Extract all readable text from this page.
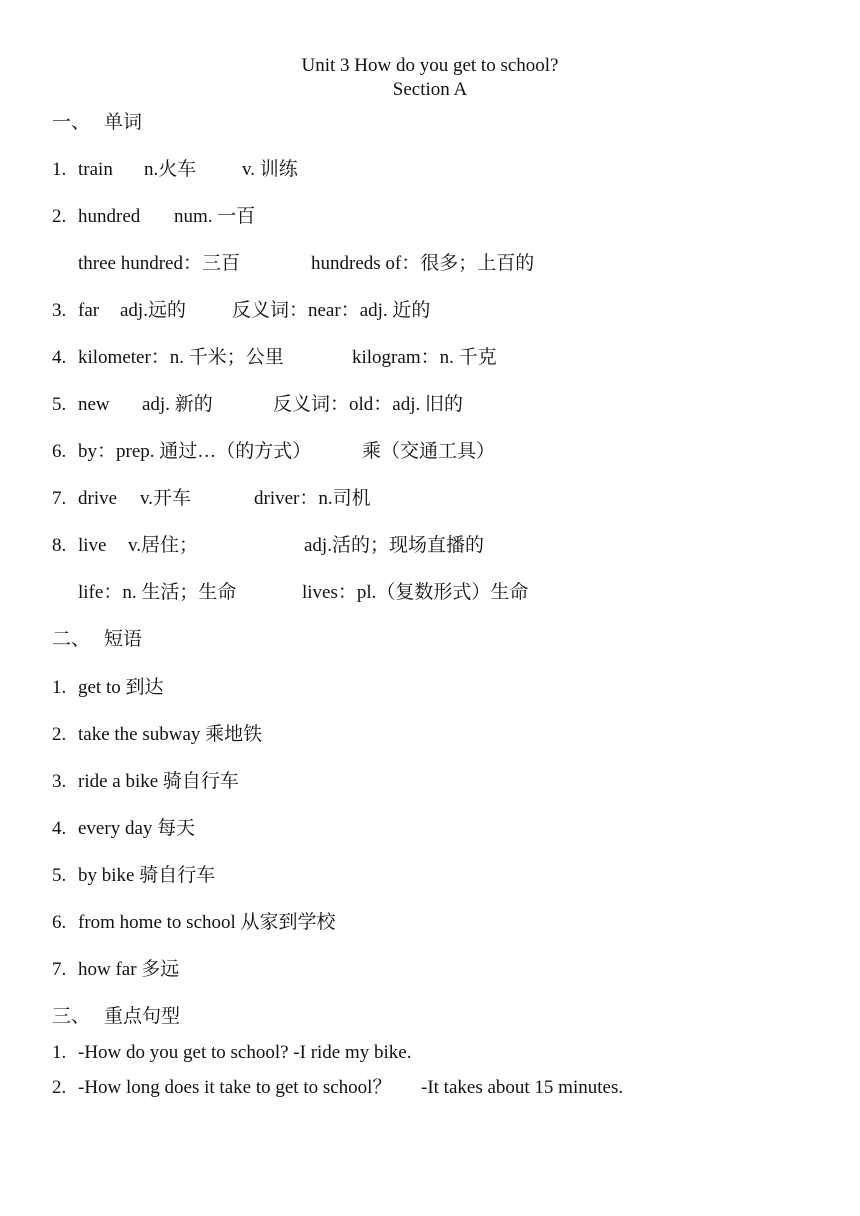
Unit 3 How do you get to school?
Section A
一、 单词
1. train n.火车 v. 训练
2. hundred num. 一百
three hundred：三百	hundreds of：很多；上百的
3. far adj.远的 反义词：near：adj. 近的
4. kilometer：n. 千米；公里	kilogram：n. 千克
5. new adj. 新的	反义词：old：adj. 旧的
6. by：prep. 通过…（的方式）	乘（交通工具）
7. drive v.开车	driver：n.司机
8. live v.居住；	adj.活的；现场直播的
life：n. 生活；生命	lives：pl.（复数形式）生命
二、 短语
1. get to 到达
2. take the subway 乘地铁
3. ride a bike 骑自行车
4. every day 每天
5. by bike 骑自行车
6. from home to school 从家到学校
7. how far 多远
三、 重点句型
1. -How do you get to school? -I ride my bike.
2. -How long does it take to get to school？ -It takes about 15 minutes.
